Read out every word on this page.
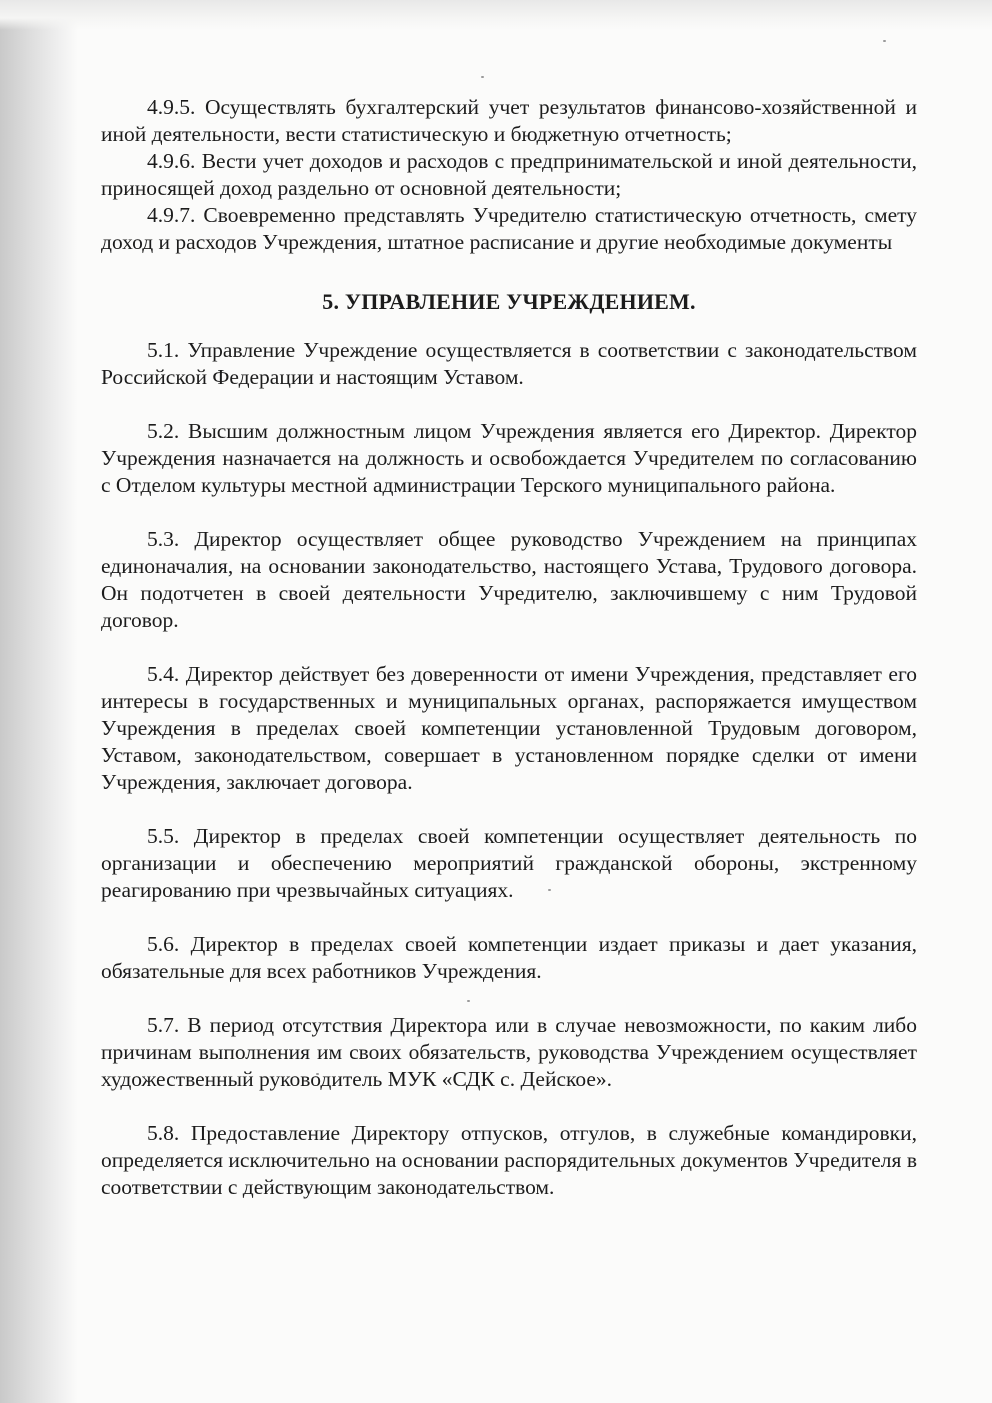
4.9.5. Осуществлять бухгалтерский учет результатов финансово-хозяйственной и иной деятельности, вести статистическую и бюджетную отчетность;

4.9.6. Вести учет доходов и расходов с предпринимательской и иной деятельности, приносящей доход раздельно от основной деятельности;

4.9.7. Своевременно представлять Учредителю статистическую отчетность, смету доход и расходов Учреждения, штатное расписание и другие необходимые документы

5. УПРАВЛЕНИЕ УЧРЕЖДЕНИЕМ.

5.1. Управление Учреждение осуществляется в соответствии с законодательством Российской Федерации и настоящим Уставом.

5.2. Высшим должностным лицом Учреждения является его Директор. Директор Учреждения назначается на должность и освобождается Учредителем по согласованию с Отделом культуры местной администрации Терского муниципального района.

5.3. Директор осуществляет общее руководство Учреждением на принципах единоначалия, на основании законодательство, настоящего Устава, Трудового договора. Он подотчетен в своей деятельности Учредителю, заключившему с ним Трудовой договор.

5.4. Директор действует без доверенности от имени Учреждения, представляет его интересы в государственных и муниципальных органах, распоряжается имуществом Учреждения в пределах своей компетенции установленной Трудовым договором, Уставом, законодательством, совершает в установленном порядке сделки от имени Учреждения, заключает договора.

5.5. Директор в пределах своей компетенции осуществляет деятельность по организации и обеспечению мероприятий гражданской обороны, экстренному реагированию при чрезвычайных ситуациях.

5.6. Директор в пределах своей компетенции издает приказы и дает указания, обязательные для всех работников Учреждения.

5.7. В период отсутствия Директора или в случае невозможности, по каким либо причинам выполнения им своих обязательств, руководства Учреждением осуществляет художественный руководитель МУК «СДК с. Дейское».

5.8. Предоставление Директору отпусков, отгулов, в служебные командировки, определяется исключительно на основании распорядительных документов Учредителя в соответствии с действующим законодательством.
